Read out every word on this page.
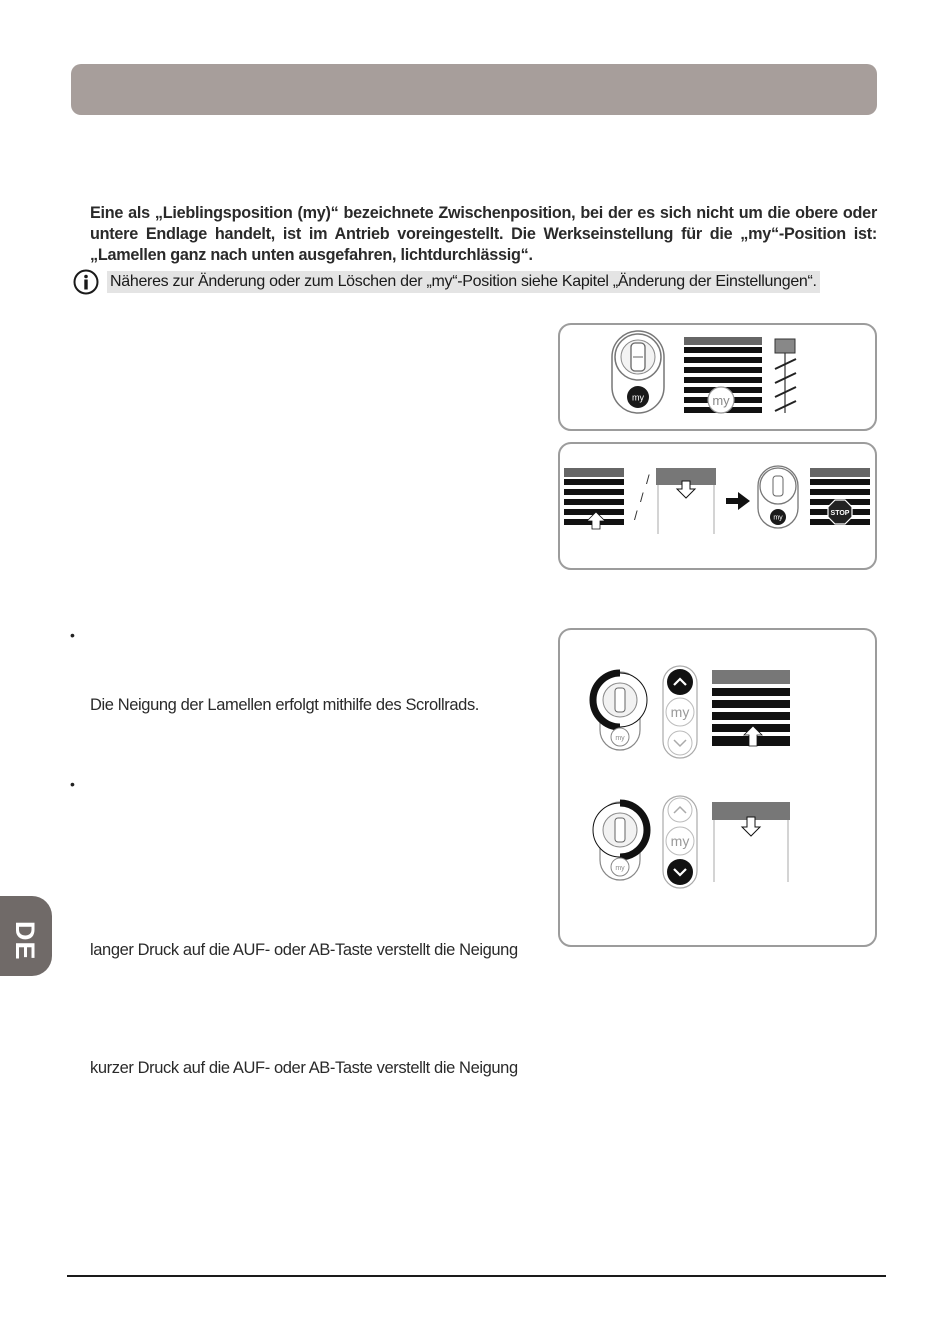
Eine als „Lieblingsposition (my)“ bezeichnete Zwischenposition, bei der es sich nicht um die obere oder untere Endlage handelt, ist im Antrieb voreingestellt. Die Werkseinstellung für die „my“-Position ist: „Lamellen ganz nach unten ausgefahren, lichtdurchlässig“.

Näheres zur Änderung oder zum Löschen der „my“-Position siehe Kapitel „Änderung der Einstellungen“.
my	my
/
/
/	my
STOP
my
my
my
my
•
Die Neigung der Lamellen erfolgt mithilfe des Scrollrads.
•
langer Druck auf die AUF- oder AB-Taste verstellt die Neigung
kurzer Druck auf die AUF- oder AB-Taste verstellt die Neigung
DE
